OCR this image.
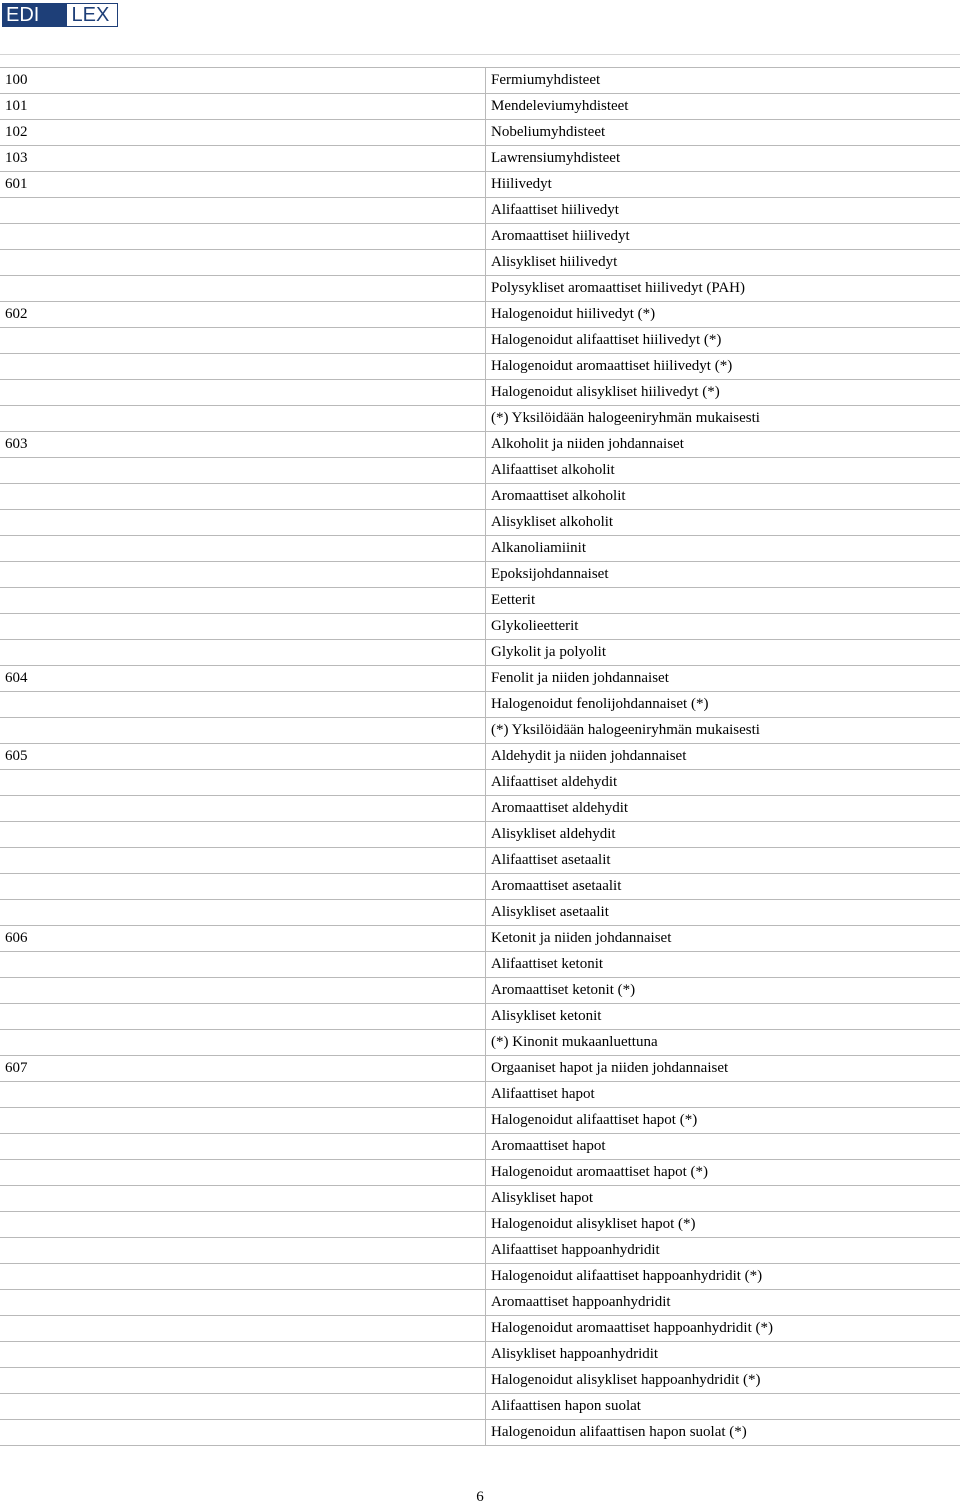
EDI	LEX
100	Fermiumyhdisteet
101	Mendeleviumyhdisteet
102	Nobeliumyhdisteet
103	Lawrensiumyhdisteet
601	Hiilivedyt
	Alifaattiset hiilivedyt
	Aromaattiset hiilivedyt
	Alisykliset hiilivedyt
	Polysykliset aromaattiset hiilivedyt (PAH)
602	Halogenoidut hiilivedyt (*)
	Halogenoidut alifaattiset hiilivedyt (*)
	Halogenoidut aromaattiset hiilivedyt (*)
	Halogenoidut alisykliset hiilivedyt (*)
	(*) Yksilöidään halogeeniryhmän mukaisesti
603	Alkoholit ja niiden johdannaiset
	Alifaattiset alkoholit
	Aromaattiset alkoholit
	Alisykliset alkoholit
	Alkanoliamiinit
	Epoksijohdannaiset
	Eetterit
	Glykolieetterit
	Glykolit ja polyolit
604	Fenolit ja niiden johdannaiset
	Halogenoidut fenolijohdannaiset (*)
	(*) Yksilöidään halogeeniryhmän mukaisesti
605	Aldehydit ja niiden johdannaiset
	Alifaattiset aldehydit
	Aromaattiset aldehydit
	Alisykliset aldehydit
	Alifaattiset asetaalit
	Aromaattiset asetaalit
	Alisykliset asetaalit
606	Ketonit ja niiden johdannaiset
	Alifaattiset ketonit
	Aromaattiset ketonit (*)
	Alisykliset ketonit
	(*) Kinonit mukaanluettuna
607	Orgaaniset hapot ja niiden johdannaiset
	Alifaattiset hapot
	Halogenoidut alifaattiset hapot (*)
	Aromaattiset hapot
	Halogenoidut aromaattiset hapot (*)
	Alisykliset hapot
	Halogenoidut alisykliset hapot (*)
	Alifaattiset happoanhydridit
	Halogenoidut alifaattiset happoanhydridit (*)
	Aromaattiset happoanhydridit
	Halogenoidut aromaattiset happoanhydridit (*)
	Alisykliset happoanhydridit
	Halogenoidut alisykliset happoanhydridit (*)
	Alifaattisen hapon suolat
	Halogenoidun alifaattisen hapon suolat (*)
6
